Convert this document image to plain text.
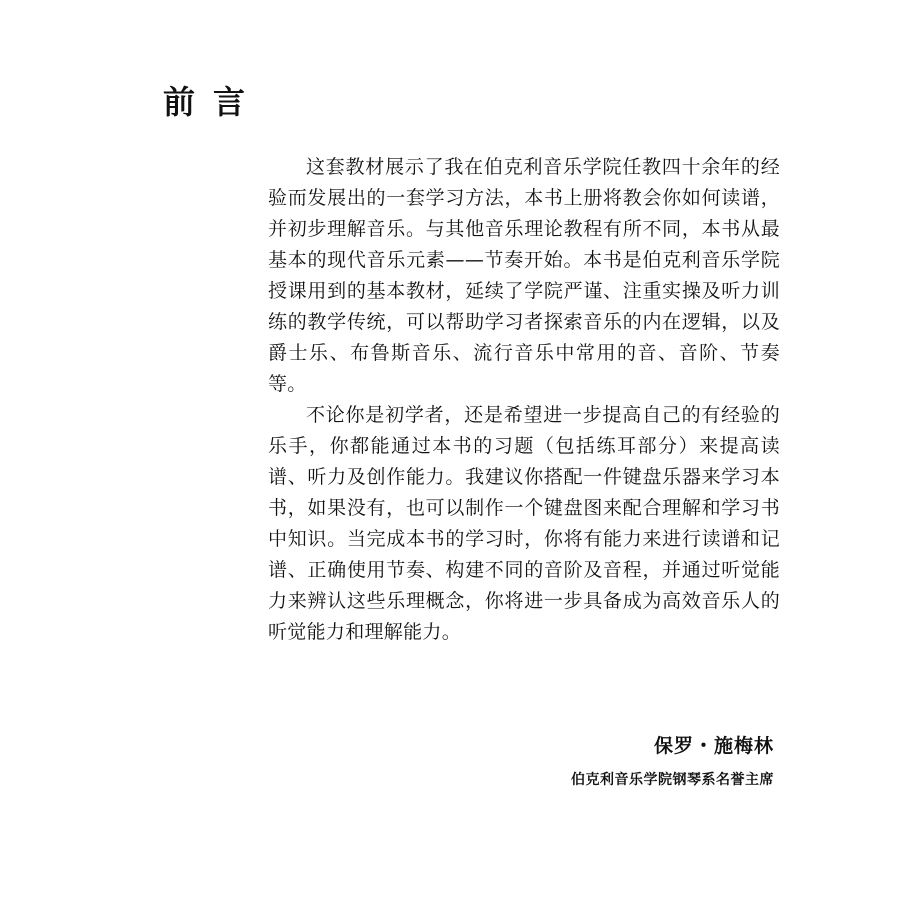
前言

这套教材展示了我在伯克利音乐学院任教四十余年的经验而发展出的一套学习方法，本书上册将教会你如何读谱，并初步理解音乐。与其他音乐理论教程有所不同，本书从最基本的现代音乐元素——节奏开始。本书是伯克利音乐学院授课用到的基本教材，延续了学院严谨、注重实操及听力训练的教学传统，可以帮助学习者探索音乐的内在逻辑，以及爵士乐、布鲁斯音乐、流行音乐中常用的音、音阶、节奏等。

不论你是初学者，还是希望进一步提高自己的有经验的乐手，你都能通过本书的习题（包括练耳部分）来提高读谱、听力及创作能力。我建议你搭配一件键盘乐器来学习本书，如果没有，也可以制作一个键盘图来配合理解和学习书中知识。当完成本书的学习时，你将有能力来进行读谱和记谱、正确使用节奏、构建不同的音阶及音程，并通过听觉能力来辨认这些乐理概念，你将进一步具备成为高效音乐人的听觉能力和理解能力。

保罗・施梅林

伯克利音乐学院钢琴系名誉主席
